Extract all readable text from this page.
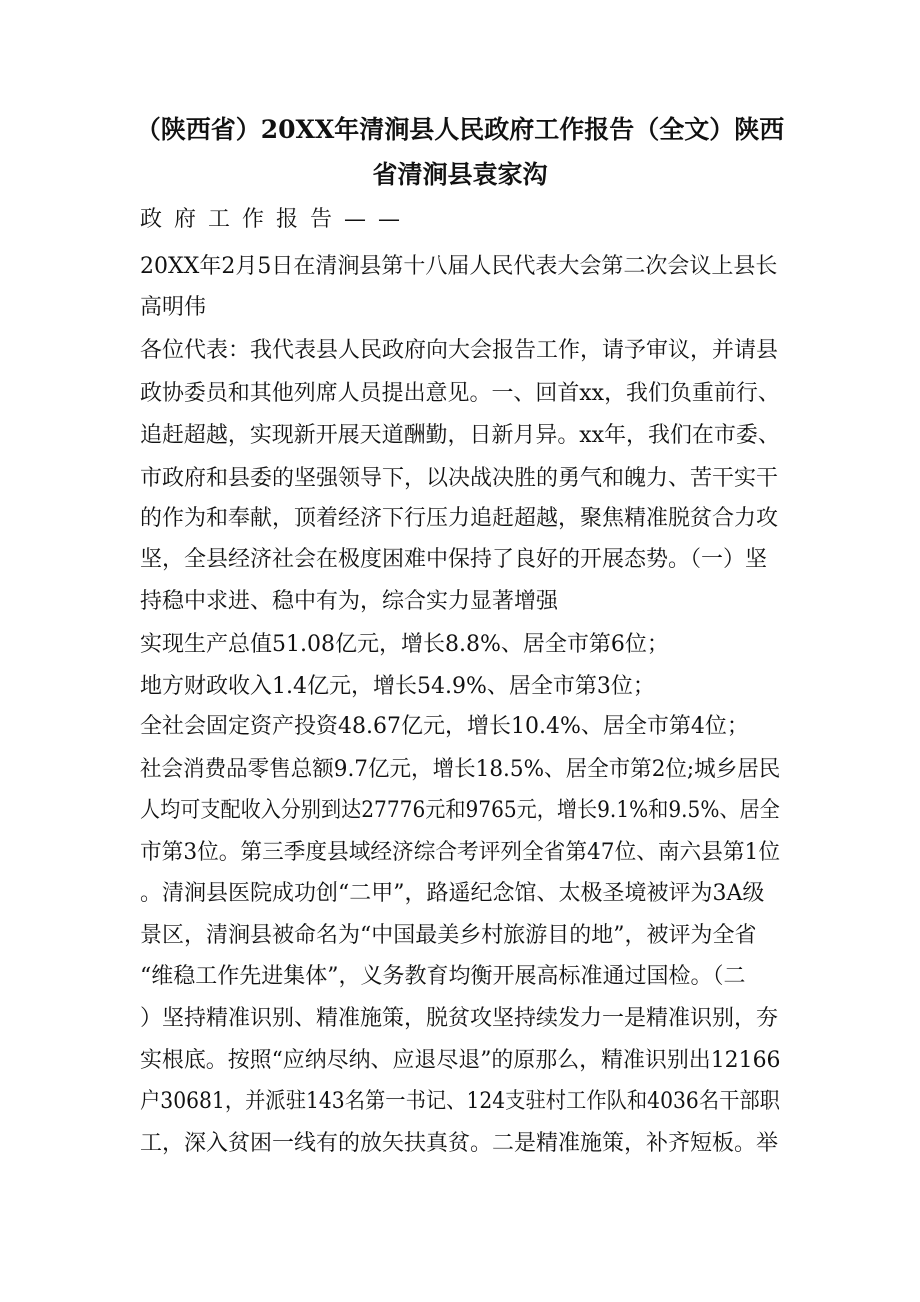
（陕西省）20XX年清涧县人民政府工作报告（全文）陕西
省清涧县袁家沟
政府工作报告——
20XX年2月5日在清涧县第十八届人民代表大会第二次会议上县长
高明伟
各位代表：我代表县人民政府向大会报告工作，请予审议，并请县
政协委员和其他列席人员提出意见。一、回首xx，我们负重前行、
追赶超越，实现新开展天道酬勤，日新月异。xx年，我们在市委、
市政府和县委的坚强领导下，以决战决胜的勇气和魄力、苦干实干
的作为和奉献，顶着经济下行压力追赶超越，聚焦精准脱贫合力攻
坚，全县经济社会在极度困难中保持了良好的开展态势。（一）坚
持稳中求进、稳中有为，综合实力显著增强
实现生产总值51.08亿元，增长8.8%、居全市第6位；
地方财政收入1.4亿元，增长54.9%、居全市第3位；
全社会固定资产投资48.67亿元，增长10.4%、居全市第4位；
社会消费品零售总额9.7亿元，增长18.5%、居全市第2位;城乡居民
人均可支配收入分别到达27776元和9765元，增长9.1%和9.5%、居全
市第3位。第三季度县域经济综合考评列全省第47位、南六县第1位
。清涧县医院成功创“二甲”，路遥纪念馆、太极圣境被评为3A级
景区，清涧县被命名为“中国最美乡村旅游目的地”，被评为全省
“维稳工作先进集体”，义务教育均衡开展高标准通过国检。（二
）坚持精准识别、精准施策，脱贫攻坚持续发力一是精准识别，夯
实根底。按照“应纳尽纳、应退尽退”的原那么，精准识别出12166
户30681，并派驻143名第一书记、124支驻村工作队和4036名干部职
工，深入贫困一线有的放矢扶真贫。二是精准施策，补齐短板。举
